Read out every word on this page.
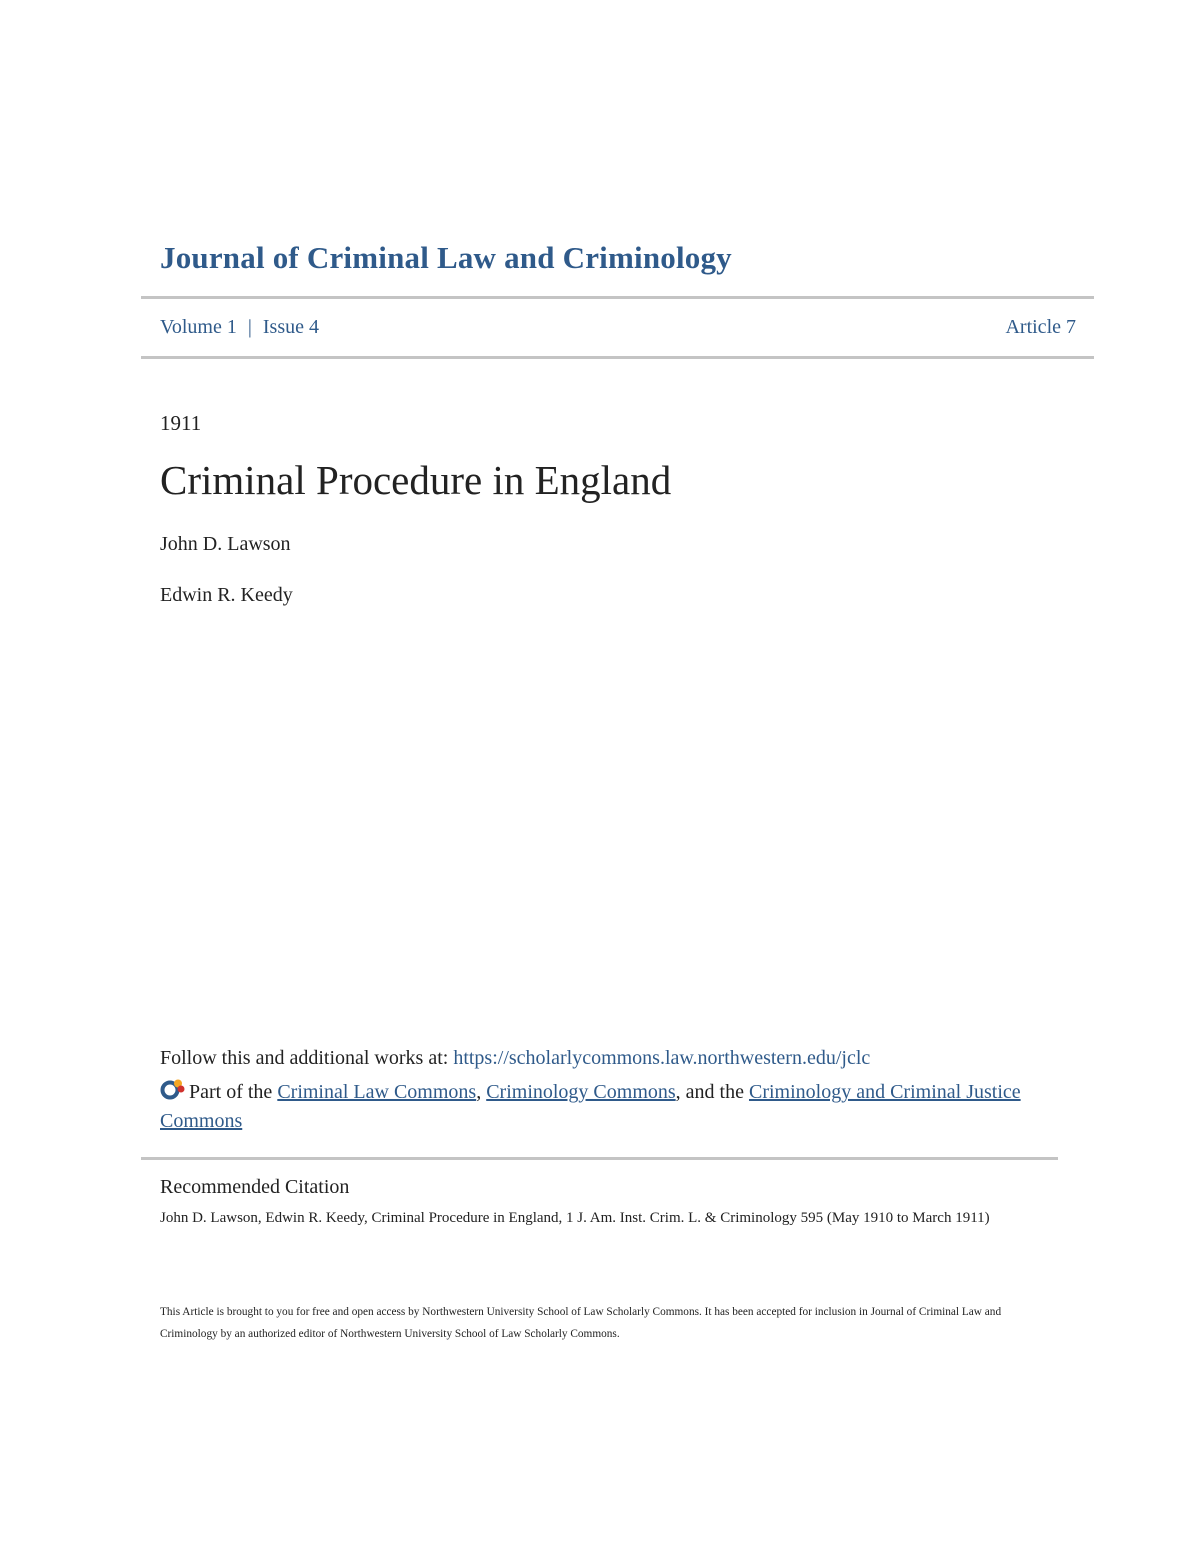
Journal of Criminal Law and Criminology
Volume 1 | Issue 4	Article 7
1911
Criminal Procedure in England
John D. Lawson
Edwin R. Keedy
Follow this and additional works at: https://scholarlycommons.law.northwestern.edu/jclc
Part of the Criminal Law Commons, Criminology Commons, and the Criminology and Criminal Justice Commons
Recommended Citation
John D. Lawson, Edwin R. Keedy, Criminal Procedure in England, 1 J. Am. Inst. Crim. L. & Criminology 595 (May 1910 to March 1911)
This Article is brought to you for free and open access by Northwestern University School of Law Scholarly Commons. It has been accepted for inclusion in Journal of Criminal Law and Criminology by an authorized editor of Northwestern University School of Law Scholarly Commons.
